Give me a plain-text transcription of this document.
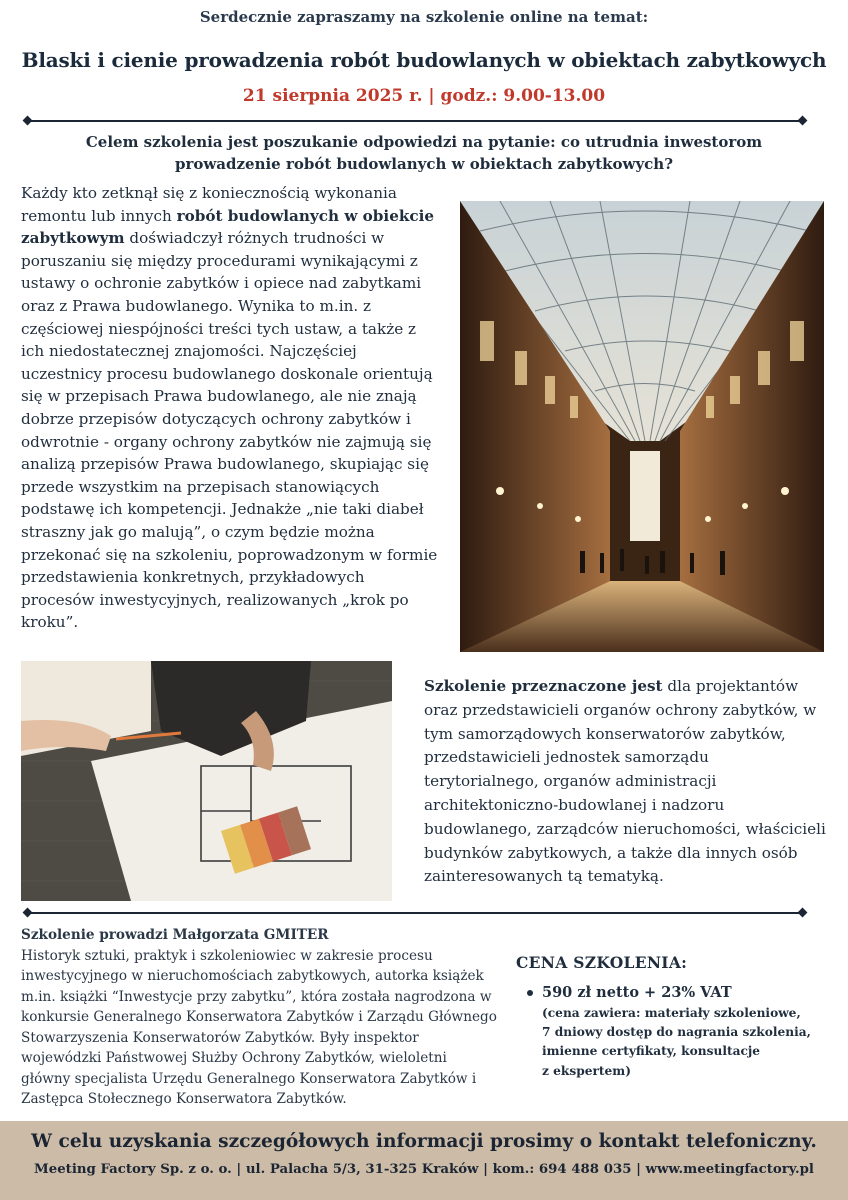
Serdecznie zapraszamy na szkolenie online na temat:
Blaski i cienie prowadzenia robót budowlanych w obiektach zabytkowych
21 sierpnia 2025 r. | godz.: 9.00-13.00
Celem szkolenia jest poszukanie odpowiedzi na pytanie: co utrudnia inwestorom
prowadzenie robót budowlanych w obiektach zabytkowych?
Każdy kto zetknął się z koniecznością wykonania remontu lub innych robót budowlanych w obiekcie zabytkowym doświadczył różnych trudności w poruszaniu się między procedurami wynikającymi z ustawy o ochronie zabytków i opiece nad zabytkami oraz z Prawa budowlanego. Wynika to m.in. z częściowej niespójności treści tych ustaw, a także z ich niedostatecznej znajomości. Najczęściej uczestnicy procesu budowlanego doskonale orientują się w przepisach Prawa budowlanego, ale nie znają dobrze przepisów dotyczących ochrony zabytków i odwrotnie - organy ochrony zabytków nie zajmują się analizą przepisów Prawa budowlanego, skupiając się przede wszystkim na przepisach stanowiących podstawę ich kompetencji. Jednakże „nie taki diabeł straszny jak go malują”, o czym będzie można przekonać się na szkoleniu, poprowadzonym w formie przedstawienia konkretnych, przykładowych procesów inwestycyjnych, realizowanych „krok po kroku”.
Szkolenie przeznaczone jest dla projektantów oraz przedstawicieli organów ochrony zabytków, w tym samorządowych konserwatorów zabytków, przedstawicieli jednostek samorządu terytorialnego, organów administracji architektoniczno-budowlanej i nadzoru budowlanego, zarządców nieruchomości, właścicieli budynków zabytkowych, a także dla innych osób zainteresowanych tą tematyką.
Szkolenie prowadzi Małgorzata GMITER
Historyk sztuki, praktyk i szkoleniowiec w zakresie procesu inwestycyjnego w nieruchomościach zabytkowych, autorka książek m.in. książki “Inwestycje przy zabytku”, która została nagrodzona w konkursie Generalnego Konserwatora Zabytków i Zarządu Głównego Stowarzyszenia Konserwatorów Zabytków. Były inspektor wojewódzki Państwowej Służby Ochrony Zabytków, wieloletni główny specjalista Urzędu Generalnego Konserwatora Zabytków i Zastępca Stołecznego Konserwatora Zabytków.
CENA SZKOLENIA:
590 zł netto + 23% VAT
(cena zawiera: materiały szkoleniowe,
7 dniowy dostęp do nagrania szkolenia,
imienne certyfikaty, konsultacje
z ekspertem)
W celu uzyskania szczegółowych informacji prosimy o kontakt telefoniczny.
Meeting Factory Sp. z o. o. | ul. Palacha 5/3, 31-325 Kraków | kom.: 694 488 035 | www.meetingfactory.pl
